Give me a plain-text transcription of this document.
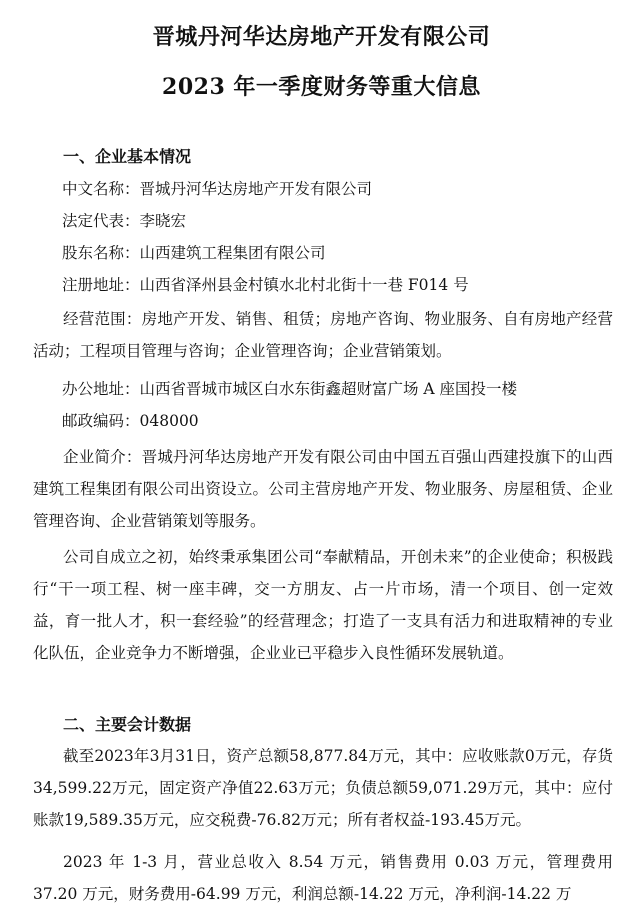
晋城丹河华达房地产开发有限公司
2023 年一季度财务等重大信息
一、企业基本情况
中文名称：晋城丹河华达房地产开发有限公司
法定代表：李晓宏
股东名称：山西建筑工程集团有限公司
注册地址：山西省泽州县金村镇水北村北街十一巷 F014 号
经营范围：房地产开发、销售、租赁；房地产咨询、物业服务、自有房地产经营活动；工程项目管理与咨询；企业管理咨询；企业营销策划。
办公地址：山西省晋城市城区白水东街鑫超财富广场 A 座国投一楼
邮政编码：048000
企业简介：晋城丹河华达房地产开发有限公司由中国五百强山西建投旗下的山西建筑工程集团有限公司出资设立。公司主营房地产开发、物业服务、房屋租赁、企业管理咨询、企业营销策划等服务。
公司自成立之初，始终秉承集团公司“奉献精品，开创未来”的企业使命；积极践行“干一项工程、树一座丰碑，交一方朋友、占一片市场，清一个项目、创一定效益，育一批人才，积一套经验”的经营理念；打造了一支具有活力和进取精神的专业化队伍，企业竞争力不断增强，企业业已平稳步入良性循环发展轨道。
二、主要会计数据
截至2023年3月31日，资产总额58,877.84万元，其中：应收账款0万元，存货34,599.22万元，固定资产净值22.63万元；负债总额59,071.29万元，其中：应付账款19,589.35万元，应交税费-76.82万元；所有者权益-193.45万元。
2023 年 1-3 月，营业总收入 8.54 万元，销售费用 0.03 万元，管理费用 37.20 万元，财务费用-64.99 万元，利润总额-14.22 万元，净利润-14.22 万
